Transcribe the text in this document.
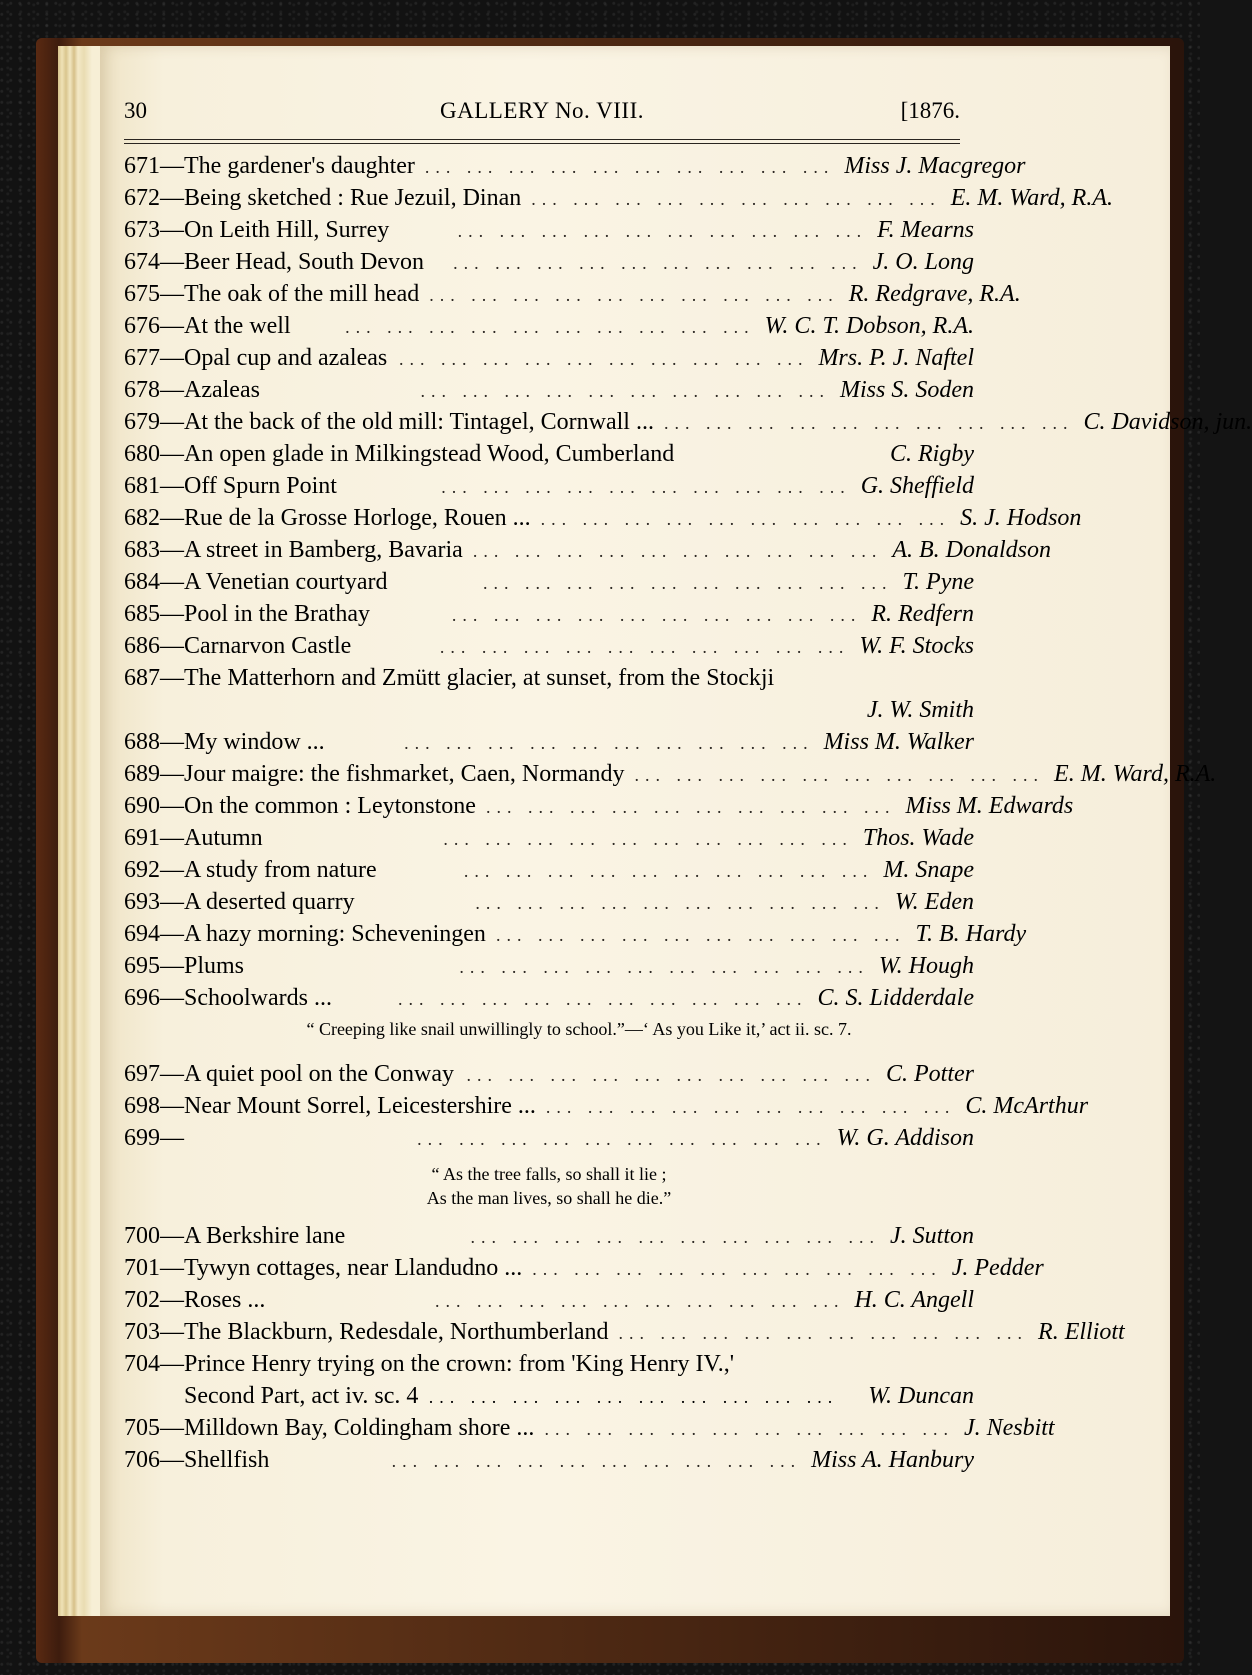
30	GALLERY No. VIII.	[1876.
671 — The gardener's daughter ... ... ... ... ... ... ... ... ... ... Miss J. Macgregor
672 — Being sketched : Rue Jezuil, Dinan ... ... ... ... ... ... ... ... ... ... E. M. Ward, R.A.
673 — On Leith Hill, Surrey	... ... ... ... ... ... ... ... ... ... F. Mearns
674 — Beer Head, South Devon	... ... ... ... ... ... ... ... ... ... J. O. Long
675 — The oak of the mill head ... ... ... ... ... ... ... ... ... ... R. Redgrave, R.A.
676 — At the well	... ... ... ... ... ... ... ... ... ... W. C. T. Dobson, R.A.
677 — Opal cup and azaleas ... ... ... ... ... ... ... ... ... ... Mrs. P. J. Naftel
678 — Azaleas	... ... ... ... ... ... ... ... ... ... Miss S. Soden
679 — At the back of the old mill: Tintagel, Cornwall ... ... ... ... ... ... ... ... ... ... ... C. Davidson, jun.
680 — An open glade in Milkingstead Wood, Cumberland	C. Rigby
681 — Off Spurn Point	... ... ... ... ... ... ... ... ... ... G. Sheffield
682 — Rue de la Grosse Horloge, Rouen ... ... ... ... ... ... ... ... ... ... ... S. J. Hodson
683 — A street in Bamberg, Bavaria ... ... ... ... ... ... ... ... ... ... A. B. Donaldson
684 — A Venetian courtyard	... ... ... ... ... ... ... ... ... ... T. Pyne
685 — Pool in the Brathay	... ... ... ... ... ... ... ... ... ... R. Redfern
686 — Carnarvon Castle	... ... ... ... ... ... ... ... ... ... W. F. Stocks
687 — The Matterhorn and Zmütt glacier, at sunset, from the Stockji
J. W. Smith
688 — My window ...	... ... ... ... ... ... ... ... ... ... Miss M. Walker
689 — Jour maigre: the fishmarket, Caen, Normandy ... ... ... ... ... ... ... ... ... ... E. M. Ward, R.A.
690 — On the common : Leytonstone ... ... ... ... ... ... ... ... ... ... Miss M. Edwards
691 — Autumn	... ... ... ... ... ... ... ... ... ... Thos. Wade
692 — A study from nature	... ... ... ... ... ... ... ... ... ... M. Snape
693 — A deserted quarry	... ... ... ... ... ... ... ... ... ... W. Eden
694 — A hazy morning: Scheveningen ... ... ... ... ... ... ... ... ... ... T. B. Hardy
695 — Plums	... ... ... ... ... ... ... ... ... ... W. Hough
696 — Schoolwards ...	... ... ... ... ... ... ... ... ... ... C. S. Lidderdale
“ Creeping like snail unwillingly to school.”—‘ As you Like it,’ act ii. sc. 7.
697 — A quiet pool on the Conway ... ... ... ... ... ... ... ... ... ... C. Potter
698 — Near Mount Sorrel, Leicestershire ... ... ... ... ... ... ... ... ... ... ... C. McArthur
699 —	... ... ... ... ... ... ... ... ... ... W. G. Addison
“ As the tree falls, so shall it lie ;
As the man lives, so shall he die.”
700 — A Berkshire lane	... ... ... ... ... ... ... ... ... ... J. Sutton
701 — Tywyn cottages, near Llandudno ... ... ... ... ... ... ... ... ... ... ... J. Pedder
702 — Roses ...	... ... ... ... ... ... ... ... ... ... H. C. Angell
703 — The Blackburn, Redesdale, Northumberland ... ... ... ... ... ... ... ... ... ... R. Elliott
704 — Prince Henry trying on the crown: from 'King Henry IV.,'
Second Part, act iv. sc. 4 ... ... ... ... ... ... ... ... ... ...	W. Duncan
705 — Milldown Bay, Coldingham shore ... ... ... ... ... ... ... ... ... ... ... J. Nesbitt
706 — Shellfish	... ... ... ... ... ... ... ... ... ... Miss A. Hanbury
